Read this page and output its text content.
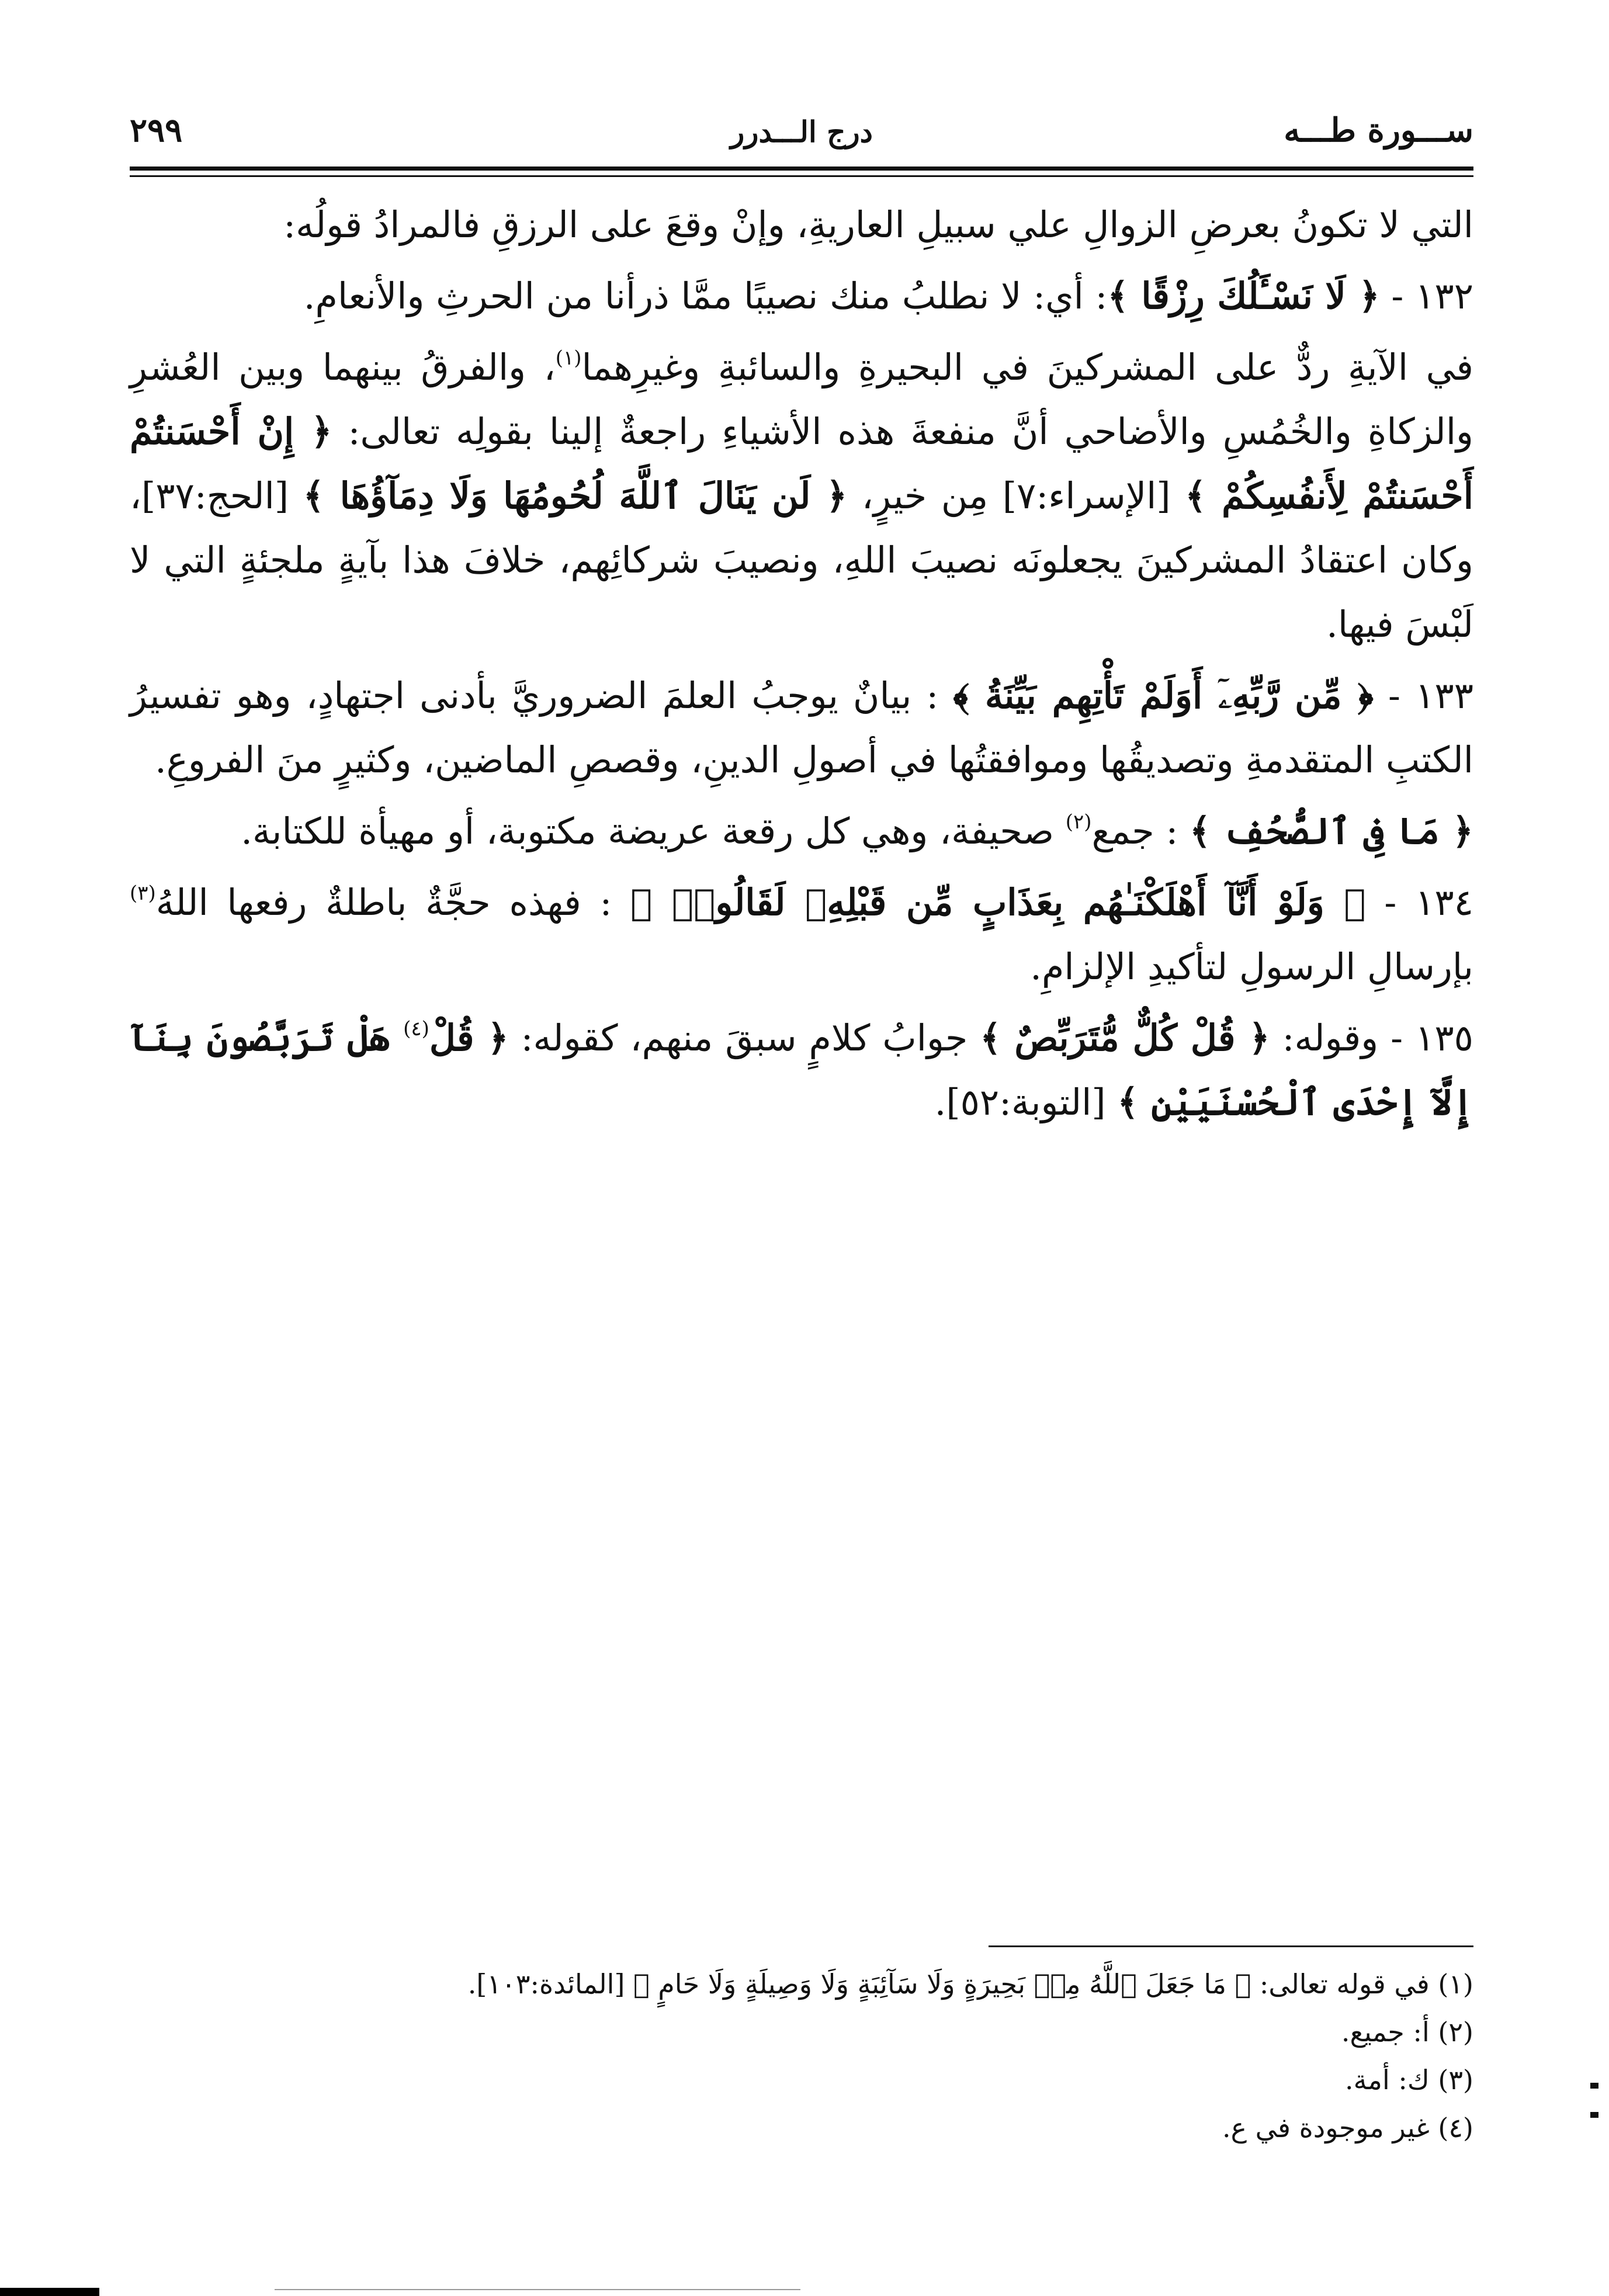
ســـورة طـــه
درج الـــدرر
٢٩٩

التي لا تكونُ بعرضِ الزوالِ علي سبيلِ العاريةِ، وإنْ وقعَ على الرزقِ فالمرادُ قولُه:

١٣٢ - ﴿ لَا نَسْـَٔلُكَ رِزْقًا ﴾: أي: لا نطلبُ منك نصيبًا ممَّا ذرأنا من الحرثِ والأنعامِ.

في الآيةِ ردٌّ على المشركينَ في البحيرةِ والسائبةِ وغيرِهما$^{(١)}$، والفرقُ بينهما وبين العُشرِ والزكاةِ والخُمُسِ والأضاحي أنَّ منفعةَ هذه الأشياءِ راجعةٌ إلينا بقولِه تعالى: ﴿ إِنْ أَحْسَنتُمْ أَحْسَنتُمْ لِأَنفُسِكُمْ ﴾ [الإسراء:٧] مِن خيرٍ، ﴿ لَن يَنَالَ ٱللَّهَ لُحُومُهَا وَلَا دِمَآؤُهَا ﴾ [الحج:٣٧]، وكان اعتقادُ المشركينَ يجعلونَه نصيبَ اللهِ، ونصيبَ شركائِهم، خلافَ هذا بآيةٍ ملجئةٍ التي لا لَبْسَ فيها.

١٣٣ - ﴿ مِّن رَّبِّهِۦٓ أَوَلَمْ تَأْتِهِم بَيِّنَةُ ﴾ : بيانٌ يوجبُ العلمَ الضروريَّ بأدنى اجتهادٍ، وهو تفسيرُ الكتبِ المتقدمةِ وتصديقُها وموافقتُها في أصولِ الدينِ، وقصصِ الماضين، وكثيرٍ منَ الفروعِ.

﴿ مَا فِى ٱلصُّحُفِ ﴾ : جمع$^{(٢)}$ صحيفة، وهي كل رقعة عريضة مكتوبة، أو مهيأة للكتابة.

١٣٤ - ﴿ وَلَوْ أَنَّآ أَهْلَكْنَـٰهُم بِعَذَابٍ مِّن قَبْلِهِۦ لَقَالُوا۟ ﴾ : فهذه حجَّةٌ باطلةٌ رفعها اللهُ$^{(٣)}$ بإرسالِ الرسولِ لتأكيدِ الإلزامِ.

١٣٥ - وقوله: ﴿ قُلْ كُلٌّ مُّتَرَبِّصٌ ﴾ جوابُ كلامٍ سبقَ منهم، كقوله: ﴿ قُلْ$^{(٤)}$ هَلْ تَرَبَّصُونَ بِنَآ إِلَّآ إِحْدَى ٱلْحُسْنَيَيْنِ ﴾ [التوبة:٥٢].

(١) في قوله تعالى: ﴿ مَا جَعَلَ ٱللَّهُ مِنۢ بَحِيرَةٍ وَلَا سَآئِبَةٍ وَلَا وَصِيلَةٍ وَلَا حَامٍ ﴾ [المائدة:١٠٣].
(٢) أ: جميع.
(٣) ك: أمة.
(٤) غير موجودة في ع.
